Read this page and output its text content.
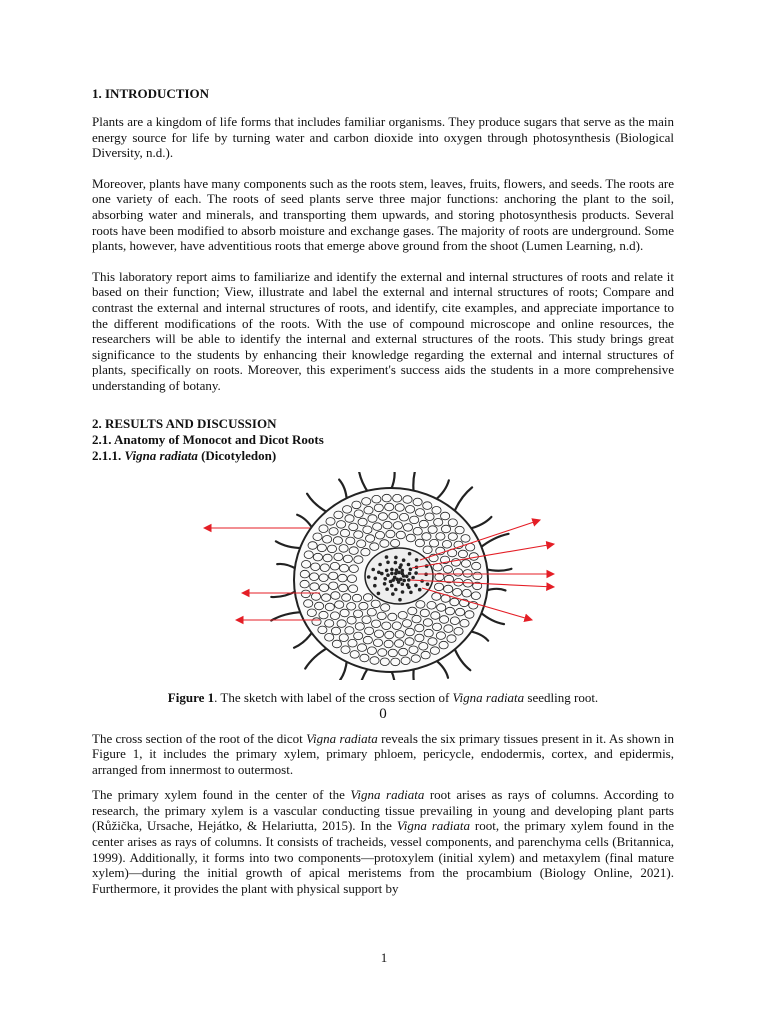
1. INTRODUCTION

Plants are a kingdom of life forms that includes familiar organisms. They produce sugars that serve as the main energy source for life by turning water and carbon dioxide into oxygen through photosynthesis (Biological Diversity, n.d.).

Moreover, plants have many components such as the roots stem, leaves, fruits, flowers, and seeds. The roots are one variety of each. The roots of seed plants serve three major functions: anchoring the plant to the soil, absorbing water and minerals, and transporting them upwards, and storing photosynthesis products. Several roots have been modified to absorb moisture and exchange gases. The majority of roots are underground. Some plants, however, have adventitious roots that emerge above ground from the shoot (Lumen Learning, n.d).

This laboratory report aims to familiarize and identify the external and internal structures of roots and relate it based on their function; View, illustrate and label the external and internal structures of roots; Compare and contrast the external and internal structures of roots, and identify, cite examples, and appreciate importance to the different modifications of the roots. With the use of compound microscope and online resources, the researchers will be able to identify the internal and external structures of the roots. This study brings great significance to the students by enhancing their knowledge regarding the external and internal structures of plants, specifically on roots. Moreover, this experiment's success aids the students in a more comprehensive understanding of botany.

2. RESULTS AND DISCUSSION
2.1. Anatomy of Monocot and Dicot Roots
2.1.1. Vigna radiata (Dicotyledon)
Figure 1. The sketch with label of the cross section of Vigna radiata seedling root.
0

The cross section of the root of the dicot Vigna radiata reveals the six primary tissues present in it. As shown in Figure 1, it includes the primary xylem, primary phloem, pericycle, endodermis, cortex, and epidermis, arranged from innermost to outermost.

The primary xylem found in the center of the Vigna radiata root arises as rays of columns. According to research, the primary xylem is a vascular conducting tissue prevailing in young and developing plant parts (Růžička, Ursache, Hejátko, & Helariutta, 2015). In the Vigna radiata root, the primary xylem found in the center arises as rays of columns. It consists of tracheids, vessel components, and parenchyma cells (Britannica, 1999). Additionally, it forms into two components—protoxylem (initial xylem) and metaxylem (final mature xylem)—during the initial growth of apical meristems from the procambium (Biology Online, 2021). Furthermore, it provides the plant with physical support by

1
